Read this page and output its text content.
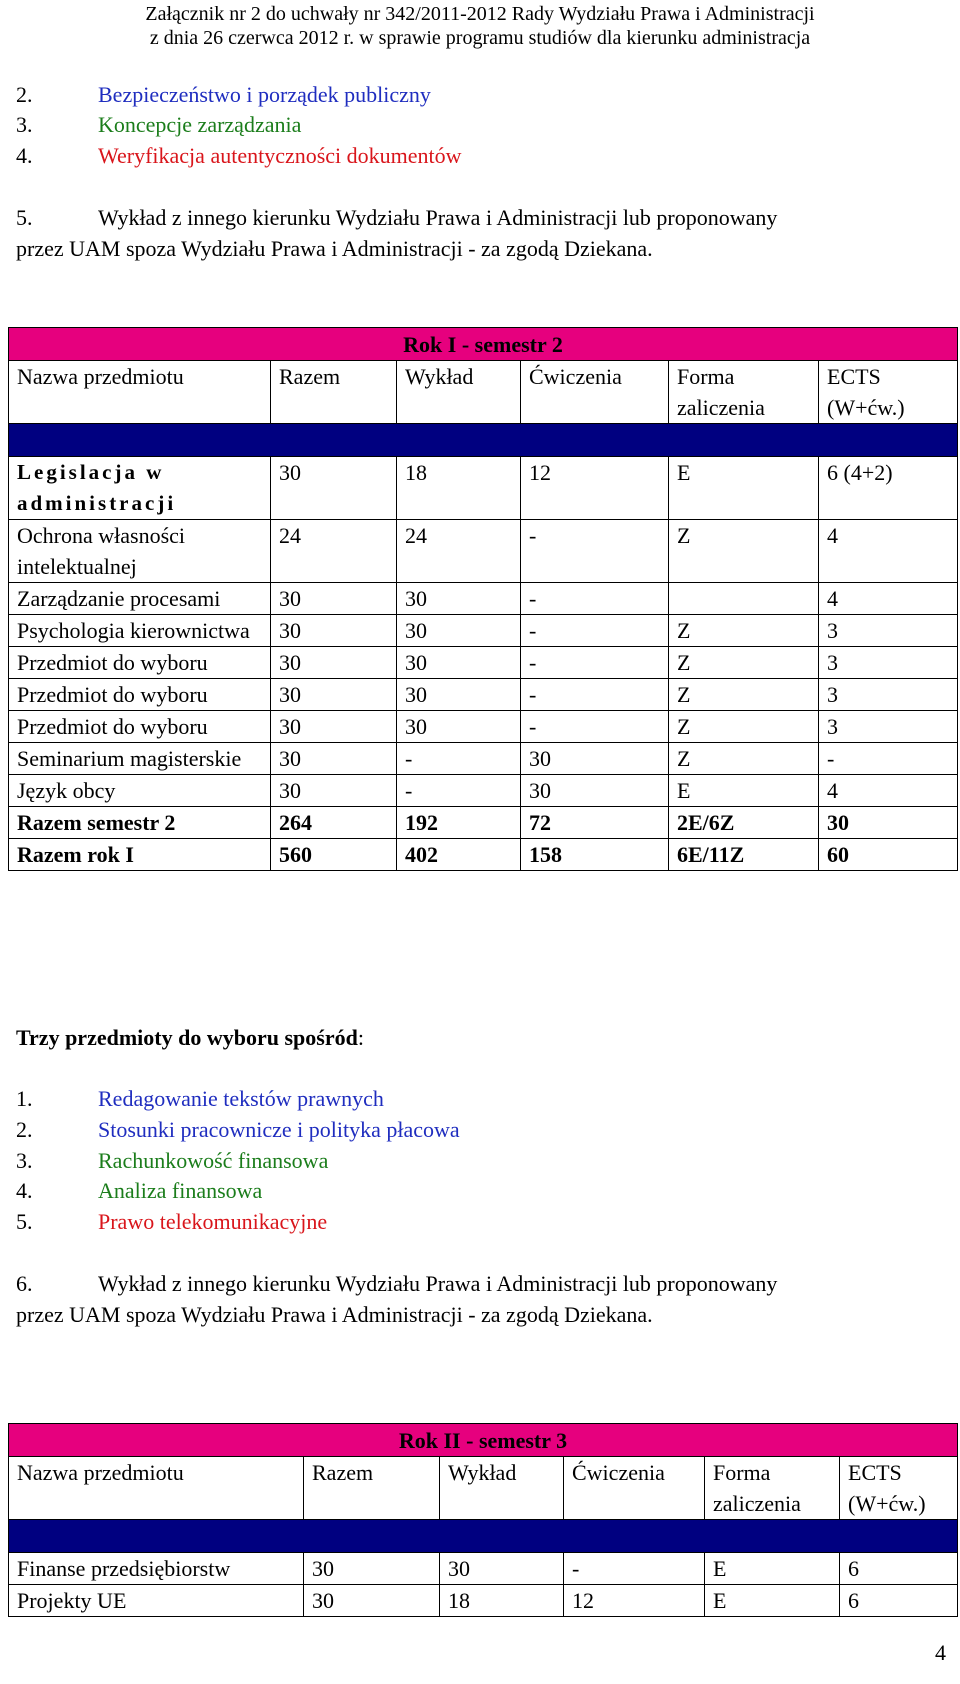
Załącznik nr 2 do uchwały nr 342/2011-2012 Rady Wydziału Prawa i Administracji
z dnia 26 czerwca 2012 r. w sprawie programu studiów dla kierunku administracja
2.	Bezpieczeństwo i porządek publiczny
3.	Koncepcje zarządzania
4.	Weryfikacja autentyczności dokumentów
5.	Wykład z innego kierunku Wydziału Prawa i Administracji lub proponowany
przez UAM spoza Wydziału Prawa i Administracji - za zgodą Dziekana.
Rok I - semestr 2					
Nazwa przedmiotu	Razem	Wykład	Ćwiczenia	Forma zaliczenia	ECTS (W+ćw.)

Legislacja w administracji	30	18	12	E	6 (4+2)
Ochrona własności intelektualnej	24	24	-	Z	4
Zarządzanie procesami	30	30	-		4
Psychologia kierownictwa	30	30	-	Z	3
Przedmiot do wyboru	30	30	-	Z	3
Przedmiot do wyboru	30	30	-	Z	3
Przedmiot do wyboru	30	30	-	Z	3
Seminarium magisterskie	30	-	30	Z	-
Język obcy	30	-	30	E	4
Razem semestr 2	264	192	72	2E/6Z	30
Razem rok I	560	402	158	6E/11Z	60
Trzy przedmioty do wyboru spośród:
1.	Redagowanie tekstów prawnych
2.	Stosunki pracownicze i polityka płacowa
3.	Rachunkowość finansowa
4.	Analiza finansowa
5.	Prawo telekomunikacyjne
6.	Wykład z innego kierunku Wydziału Prawa i Administracji lub proponowany
przez UAM spoza Wydziału Prawa i Administracji - za zgodą Dziekana.
Rok II - semestr 3					
Nazwa przedmiotu	Razem	Wykład	Ćwiczenia	Forma zaliczenia	ECTS (W+ćw.)

Finanse przedsiębiorstw	30	30	-	E	6
Projekty UE	30	18	12	E	6
4
